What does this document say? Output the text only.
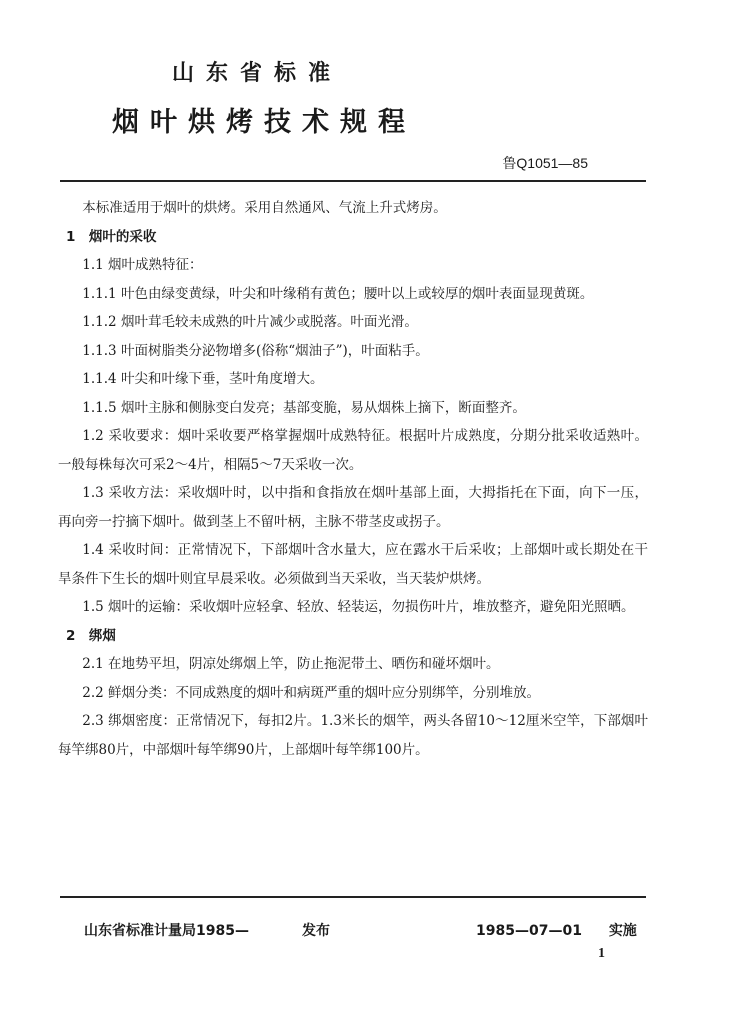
山东省标准
烟叶烘烤技术规程
鲁Q1051—85

本标准适用于烟叶的烘烤。采用自然通风、气流上升式烤房。

1　烟叶的采收

1.1 烟叶成熟特征：

1.1.1 叶色由绿变黄绿，叶尖和叶缘稍有黄色；腰叶以上或较厚的烟叶表面显现黄斑。

1.1.2 烟叶茸毛较未成熟的叶片减少或脱落。叶面光滑。

1.1.3 叶面树脂类分泌物增多(俗称“烟油子”)，叶面粘手。

1.1.4 叶尖和叶缘下垂，茎叶角度增大。

1.1.5 烟叶主脉和侧脉变白发亮；基部变脆，易从烟株上摘下，断面整齐。

1.2 采收要求：烟叶采收要严格掌握烟叶成熟特征。根据叶片成熟度，分期分批采收适熟叶。一般每株每次可采2～4片，相隔5～7天采收一次。

1.3 采收方法：采收烟叶时，以中指和食指放在烟叶基部上面，大拇指托在下面，向下一压，再向旁一拧摘下烟叶。做到茎上不留叶柄，主脉不带茎皮或拐子。

1.4 采收时间：正常情况下，下部烟叶含水量大，应在露水干后采收；上部烟叶或长期处在干旱条件下生长的烟叶则宜早晨采收。必须做到当天采收，当天装炉烘烤。

1.5 烟叶的运输：采收烟叶应轻拿、轻放、轻装运，勿损伤叶片，堆放整齐，避免阳光照晒。

2　绑烟

2.1 在地势平坦，阴凉处绑烟上竿，防止拖泥带土、晒伤和碰坏烟叶。

2.2 鲜烟分类：不同成熟度的烟叶和病斑严重的烟叶应分别绑竿，分别堆放。

2.3 绑烟密度：正常情况下，每扣2片。1.3米长的烟竿，两头各留10～12厘米空竿，下部烟叶每竿绑80片，中部烟叶每竿绑90片，上部烟叶每竿绑100片。

山东省标准计量局1985—	发布	1985—07—01 实施
1
